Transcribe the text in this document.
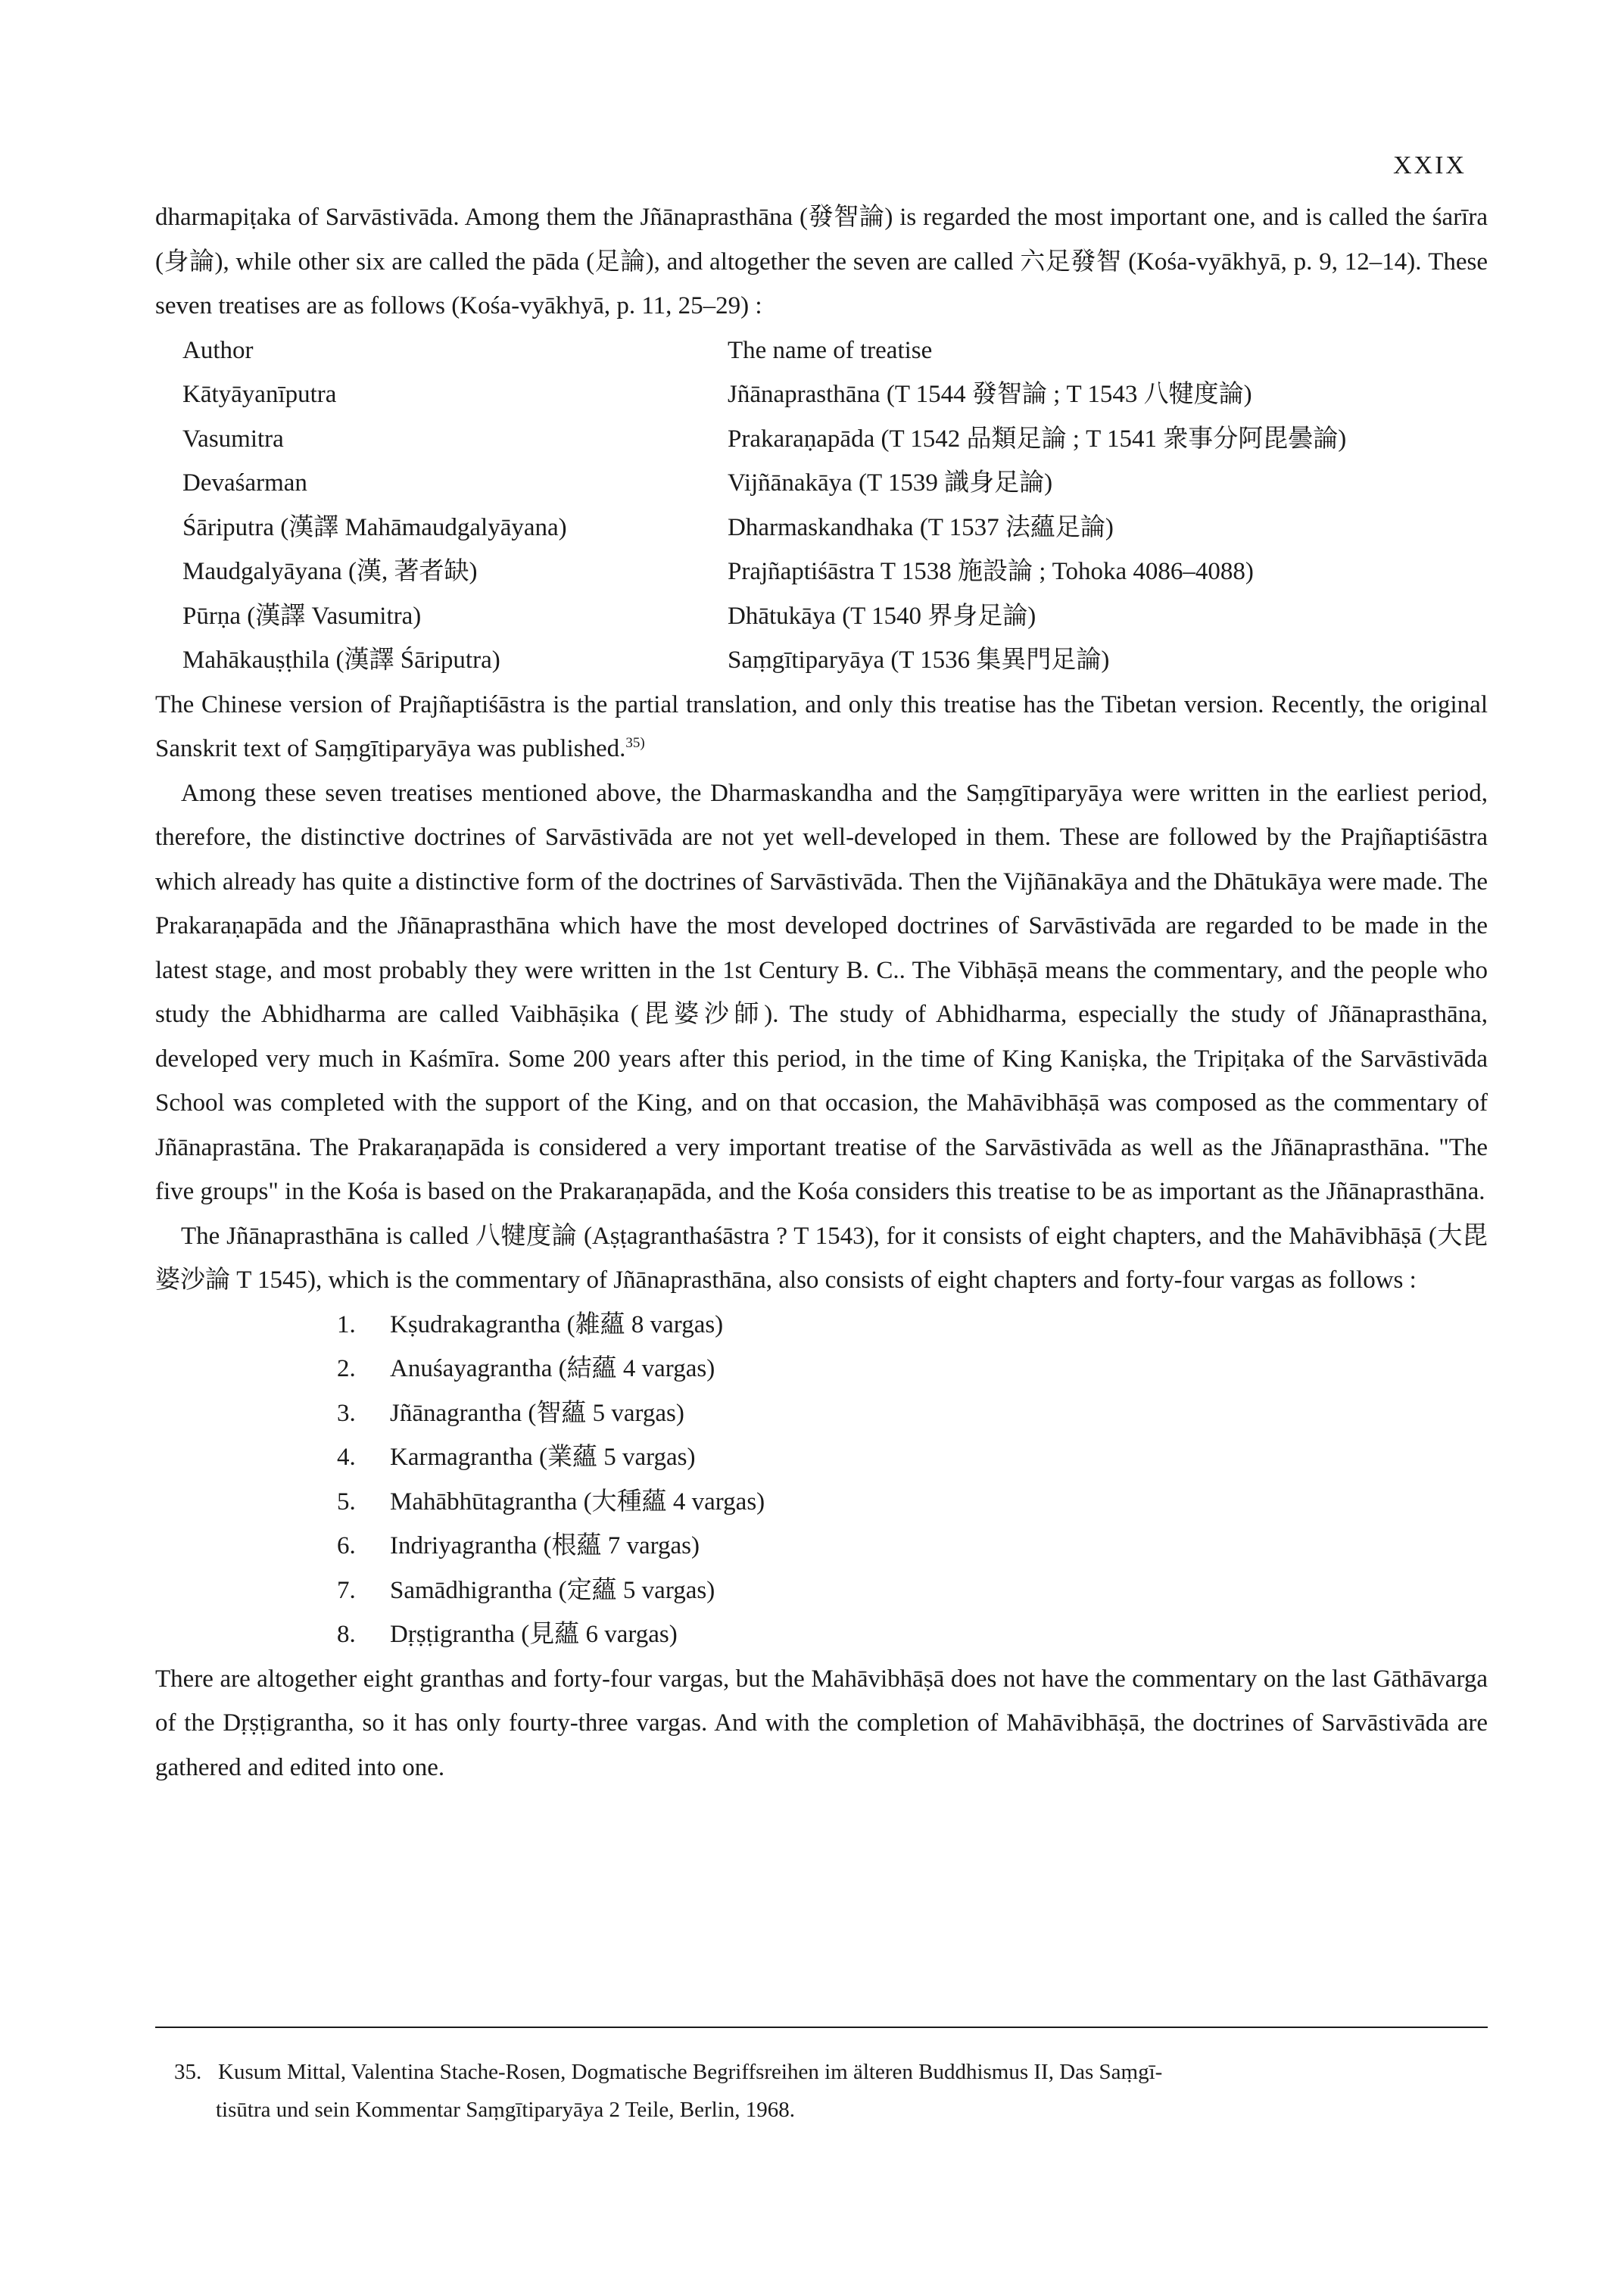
XXIX

dharmapiṭaka of Sarvāstivāda. Among them the Jñānaprasthāna (發智論) is regarded the most important one, and is called the śarīra (身論), while other six are called the pāda (足論), and altogether the seven are called 六足發智 (Kośa-vyākhyā, p. 9, 12–14). These seven treatises are as follows (Kośa-vyākhyā, p. 11, 25–29) :

Author	The name of treatise
Kātyāyanīputra	Jñānaprasthāna (T 1544 發智論 ; T 1543 八犍度論)
Vasumitra	Prakaraṇapāda (T 1542 品類足論 ; T 1541 衆事分阿毘曇論)
Devaśarman	Vijñānakāya (T 1539 識身足論)
Śāriputra (漢譯 Mahāmaudgalyāyana)	Dharmaskandhaka (T 1537 法蘊足論)
Maudgalyāyana (漢, 著者缺)	Prajñaptiśāstra T 1538 施設論 ; Tohoka 4086–4088)
Pūrṇa (漢譯 Vasumitra)	Dhātukāya (T 1540 界身足論)
Mahākauṣṭhila (漢譯 Śāriputra)	Saṃgītiparyāya (T 1536 集異門足論)

The Chinese version of Prajñaptiśāstra is the partial translation, and only this treatise has the Tibetan version. Recently, the original Sanskrit text of Saṃgītiparyāya was published.$^{35)}$

Among these seven treatises mentioned above, the Dharmaskandha and the Saṃgītiparyāya were written in the earliest period, therefore, the distinctive doctrines of Sarvāstivāda are not yet well-developed in them. These are followed by the Prajñaptiśāstra which already has quite a distinctive form of the doctrines of Sarvāstivāda. Then the Vijñānakāya and the Dhātukāya were made. The Prakaraṇapāda and the Jñānaprasthāna which have the most developed doctrines of Sarvāstivāda are regarded to be made in the latest stage, and most probably they were written in the 1st Century B. C.. The Vibhāṣā means the commentary, and the people who study the Abhidharma are called Vaibhāṣika (毘婆沙師). The study of Abhidharma, especially the study of Jñānaprasthāna, developed very much in Kaśmīra. Some 200 years after this period, in the time of King Kaniṣka, the Tripiṭaka of the Sarvāstivāda School was completed with the support of the King, and on that occasion, the Mahāvibhāṣā was composed as the commentary of Jñānaprastāna. The Prakaraṇapāda is considered a very important treatise of the Sarvāstivāda as well as the Jñānaprasthāna. "The five groups" in the Kośa is based on the Prakaraṇapāda, and the Kośa considers this treatise to be as important as the Jñānaprasthāna.

The Jñānaprasthāna is called 八犍度論 (Aṣṭagranthaśāstra ? T 1543), for it consists of eight chapters, and the Mahāvibhāṣā (大毘婆沙論 T 1545), which is the commentary of Jñānaprasthāna, also consists of eight chapters and forty-four vargas as follows :

1.	Kṣudrakagrantha (雑蘊 8 vargas)
2.	Anuśayagrantha (結蘊 4 vargas)
3.	Jñānagrantha (智蘊 5 vargas)
4.	Karmagrantha (業蘊 5 vargas)
5.	Mahābhūtagrantha (大種蘊 4 vargas)
6.	Indriyagrantha (根蘊 7 vargas)
7.	Samādhigrantha (定蘊 5 vargas)
8.	Dṛṣṭigrantha (見蘊 6 vargas)

There are altogether eight granthas and forty-four vargas, but the Mahāvibhāṣā does not have the commentary on the last Gāthāvarga of the Dṛṣṭigrantha, so it has only fourty-three vargas. And with the completion of Mahāvibhāṣā, the doctrines of Sarvāstivāda are gathered and edited into one.

35. Kusum Mittal, Valentina Stache-Rosen, Dogmatische Begriffsreihen im älteren Buddhismus II, Das Saṃgī-

tisūtra und sein Kommentar Saṃgītiparyāya 2 Teile, Berlin, 1968.
